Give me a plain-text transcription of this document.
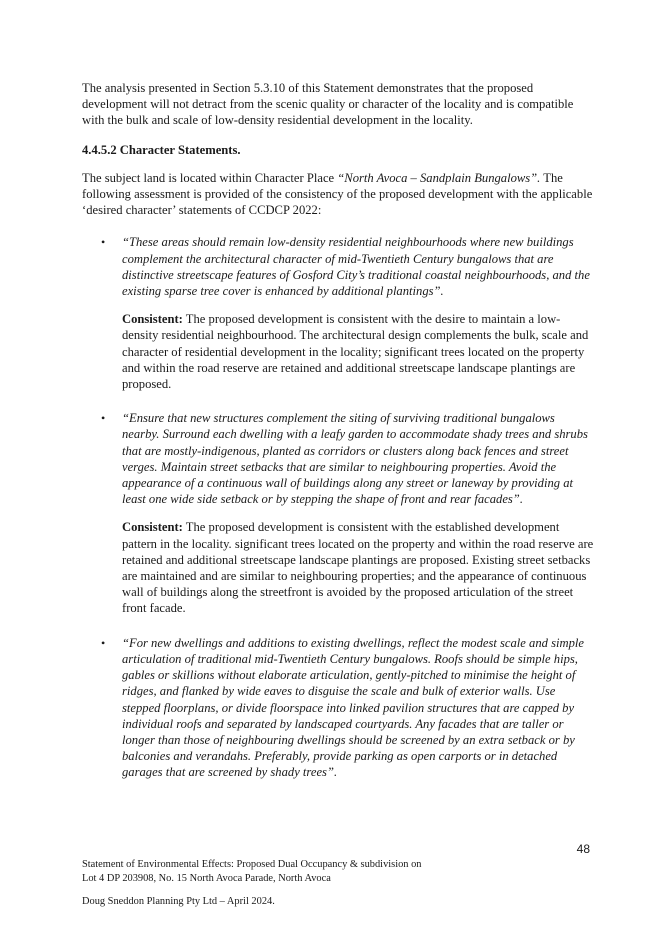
The analysis presented in Section 5.3.10 of this Statement demonstrates that the proposed development will not detract from the scenic quality or character of the locality and is compatible with the bulk and scale of low-density residential development in the locality.

4.4.5.2 Character Statements.

The subject land is located within Character Place “North Avoca – Sandplain Bungalows”. The following assessment is provided of the consistency of the proposed development with the applicable ‘desired character’ statements of CCDCP 2022:

• “These areas should remain low-density residential neighbourhoods where new buildings complement the architectural character of mid-Twentieth Century bungalows that are distinctive streetscape features of Gosford City’s traditional coastal neighbourhoods, and the existing sparse tree cover is enhanced by additional plantings”.

Consistent: The proposed development is consistent with the desire to maintain a low-density residential neighbourhood. The architectural design complements the bulk, scale and character of residential development in the locality; significant trees located on the property and within the road reserve are retained and additional streetscape landscape plantings are proposed.

• “Ensure that new structures complement the siting of surviving traditional bungalows nearby. Surround each dwelling with a leafy garden to accommodate shady trees and shrubs that are mostly-indigenous, planted as corridors or clusters along back fences and street verges. Maintain street setbacks that are similar to neighbouring properties. Avoid the appearance of a continuous wall of buildings along any street or laneway by providing at least one wide side setback or by stepping the shape of front and rear facades”.

Consistent: The proposed development is consistent with the established development pattern in the locality. significant trees located on the property and within the road reserve are retained and additional streetscape landscape plantings are proposed. Existing street setbacks are maintained and are similar to neighbouring properties; and the appearance of continuous wall of buildings along the streetfront is avoided by the proposed articulation of the street front facade.

• “For new dwellings and additions to existing dwellings, reflect the modest scale and simple articulation of traditional mid-Twentieth Century bungalows. Roofs should be simple hips, gables or skillions without elaborate articulation, gently-pitched to minimise the height of ridges, and flanked by wide eaves to disguise the scale and bulk of exterior walls. Use stepped floorplans, or divide floorspace into linked pavilion structures that are capped by individual roofs and separated by landscaped courtyards. Any facades that are taller or longer than those of neighbouring dwellings should be screened by an extra setback or by balconies and verandahs. Preferably, provide parking as open carports or in detached garages that are screened by shady trees”.

48
Statement of Environmental Effects: Proposed Dual Occupancy & subdivision on
Lot 4 DP 203908, No. 15 North Avoca Parade, North Avoca
Doug Sneddon Planning Pty Ltd – April 2024.
